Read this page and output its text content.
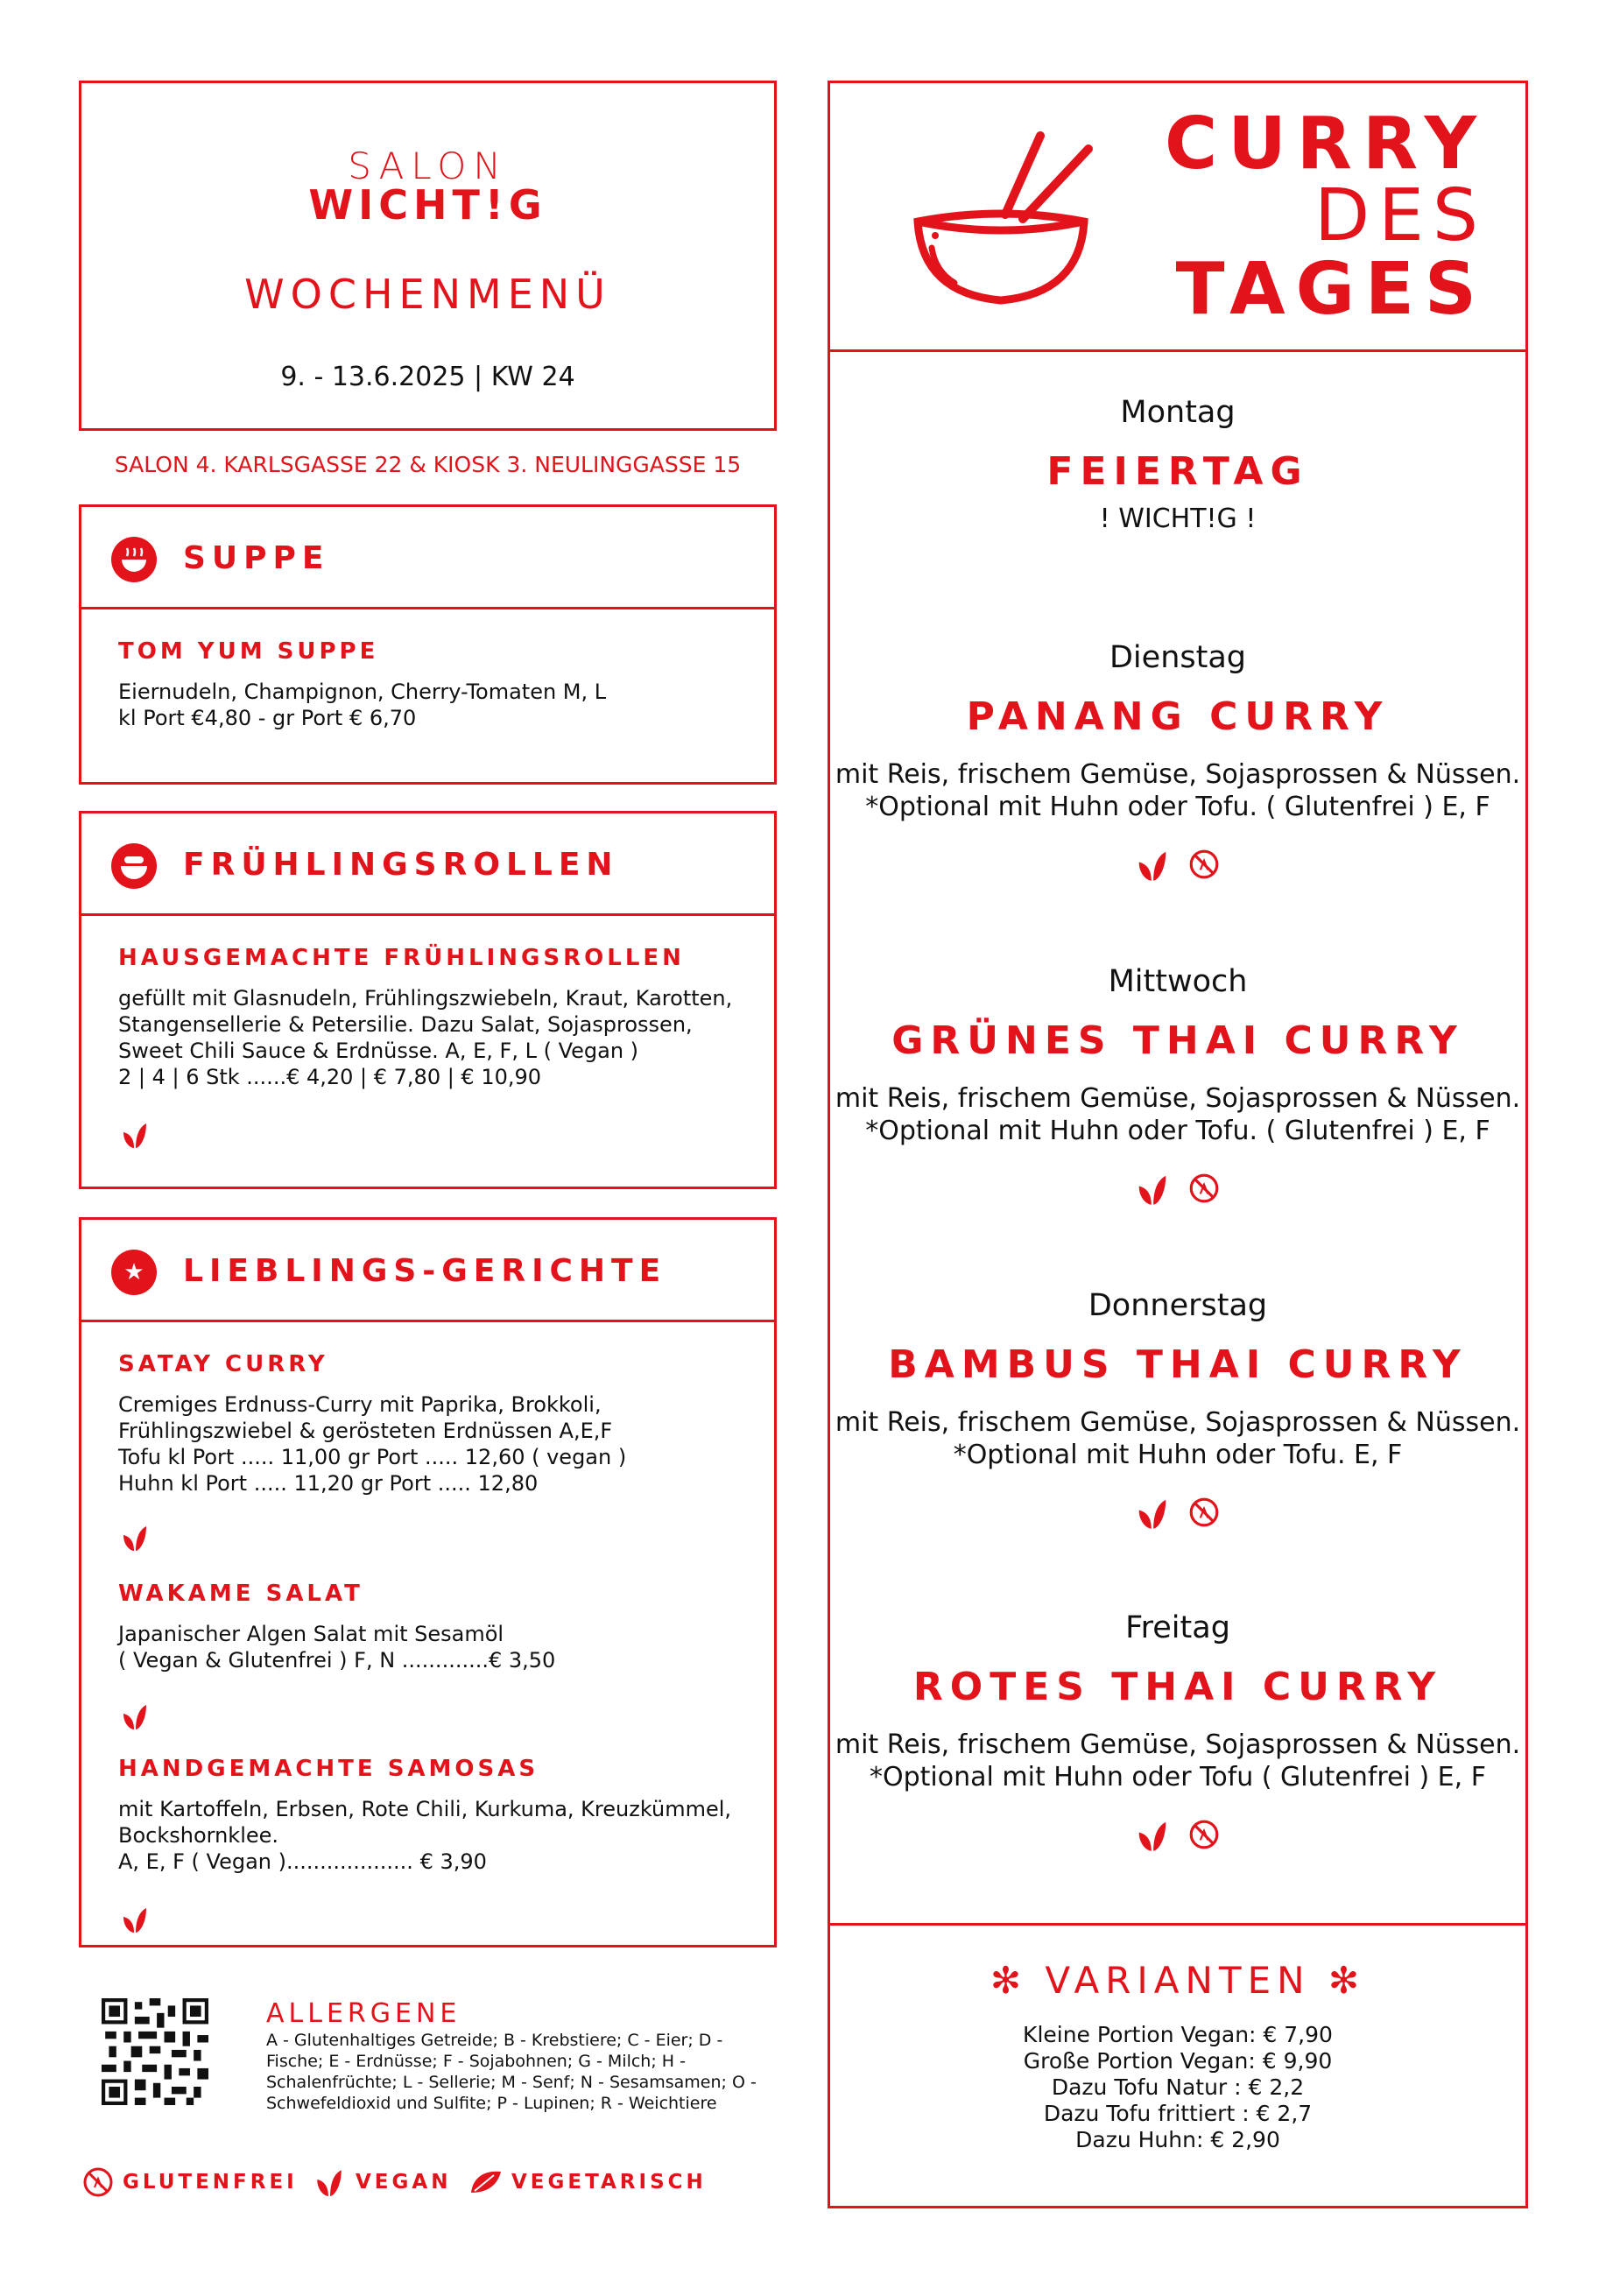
SALON
WICHT!G
WOCHENMENÜ
9. - 13.6.2025 | KW 24
SALON 4. KARLSGASSE 22 & KIOSK 3. NEULINGGASSE 15
SUPPE
TOM YUM SUPPE
Eiernudeln, Champignon, Cherry-Tomaten M, L
kl Port €4,80 - gr Port € 6,70
FRÜHLINGSROLLEN
HAUSGEMACHTE FRÜHLINGSROLLEN
gefüllt mit Glasnudeln, Frühlingszwiebeln, Kraut, Karotten,
Stangensellerie & Petersilie. Dazu Salat, Sojasprossen,
Sweet Chili Sauce & Erdnüsse. A, E, F, L ( Vegan )
2 | 4 | 6 Stk ......€ 4,20 | € 7,80 | € 10,90
★	LIEBLINGS-GERICHTE
SATAY CURRY
Cremiges Erdnuss-Curry mit Paprika, Brokkoli,
Frühlingszwiebel & gerösteten Erdnüssen A,E,F
Tofu kl Port ..... 11,00 gr Port ..... 12,60 ( vegan )
Huhn kl Port ..... 11,20 gr Port ..... 12,80
WAKAME SALAT
Japanischer Algen Salat mit Sesamöl
( Vegan & Glutenfrei ) F, N .............€ 3,50
HANDGEMACHTE SAMOSAS
mit Kartoffeln, Erbsen, Rote Chili, Kurkuma, Kreuzkümmel,
Bockshornklee.
A, E, F ( Vegan )................... € 3,90
ALLERGENE
A - Glutenhaltiges Getreide; B - Krebstiere; C - Eier; D - Fische; E - Erdnüsse; F - Sojabohnen; G - Milch; H - Schalenfrüchte; L - Sellerie; M - Senf; N - Sesamsamen; O - Schwefeldioxid und Sulfite; P - Lupinen; R - Weichtiere
GLUTENFREI	VEGAN	VEGETARISCH
CURRY
DES
TAGES
Montag
FEIERTAG
! WICHT!G !
Dienstag
PANANG CURRY
mit Reis, frischem Gemüse, Sojasprossen & Nüssen.
*Optional mit Huhn oder Tofu. ( Glutenfrei ) E, F
Mittwoch
GRÜNES THAI CURRY
mit Reis, frischem Gemüse, Sojasprossen & Nüssen.
*Optional mit Huhn oder Tofu. ( Glutenfrei ) E, F
Donnerstag
BAMBUS THAI CURRY
mit Reis, frischem Gemüse, Sojasprossen & Nüssen.
*Optional mit Huhn oder Tofu. E, F
Freitag
ROTES THAI CURRY
mit Reis, frischem Gemüse, Sojasprossen & Nüssen.
*Optional mit Huhn oder Tofu ( Glutenfrei ) E, F
✻ VARIANTEN ✻
Kleine Portion Vegan: € 7,90
Große Portion Vegan: € 9,90
Dazu Tofu Natur : € 2,2
Dazu Tofu frittiert : € 2,7
Dazu Huhn: € 2,90
